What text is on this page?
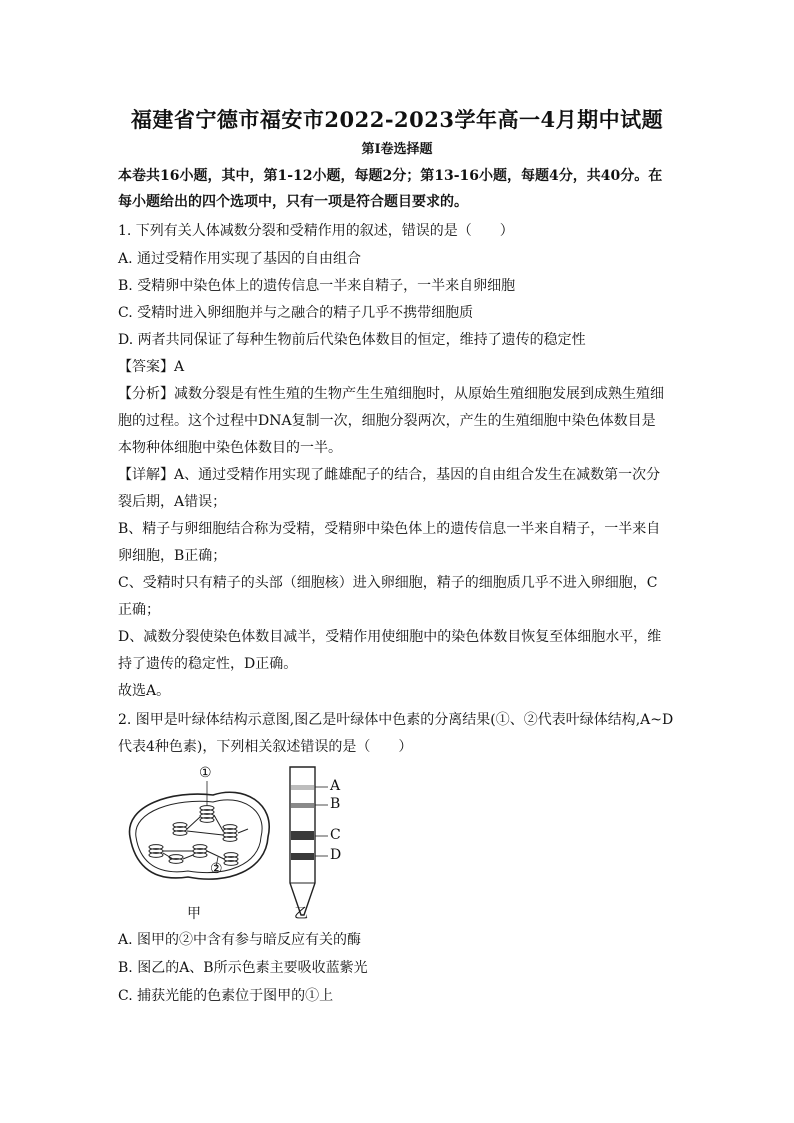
福建省宁德市福安市2022-2023学年高一4月期中试题
第I卷选择题
本卷共16小题，其中，第1-12小题，每题2分；第13-16小题，每题4分，共40分。在
每小题给出的四个选项中，只有一项是符合题目要求的。
1. 下列有关人体减数分裂和受精作用的叙述，错误的是（　　）
A. 通过受精作用实现了基因的自由组合
B. 受精卵中染色体上的遗传信息一半来自精子，一半来自卵细胞
C. 受精时进入卵细胞并与之融合的精子几乎不携带细胞质
D. 两者共同保证了每种生物前后代染色体数目的恒定，维持了遗传的稳定性
【答案】A
【分析】减数分裂是有性生殖的生物产生生殖细胞时，从原始生殖细胞发展到成熟生殖细
胞的过程。这个过程中DNA复制一次，细胞分裂两次，产生的生殖细胞中染色体数目是
本物种体细胞中染色体数目的一半。
【详解】A、通过受精作用实现了雌雄配子的结合，基因的自由组合发生在减数第一次分
裂后期，A错误；
B、精子与卵细胞结合称为受精，受精卵中染色体上的遗传信息一半来自精子，一半来自
卵细胞，B正确；
C、受精时只有精子的头部（细胞核）进入卵细胞，精子的细胞质几乎不进入卵细胞，C
正确；
D、减数分裂使染色体数目减半，受精作用使细胞中的染色体数目恢复至体细胞水平，维
持了遗传的稳定性，D正确。
故选A。
2. 图甲是叶绿体结构示意图,图乙是叶绿体中色素的分离结果(①、②代表叶绿体结构,A~D
代表4种色素)，下列相关叙述错误的是（　　）
①
②
A
B
C
D
甲	乙
A. 图甲的②中含有参与暗反应有关的酶
B. 图乙的A、B所示色素主要吸收蓝紫光
C. 捕获光能的色素位于图甲的①上
